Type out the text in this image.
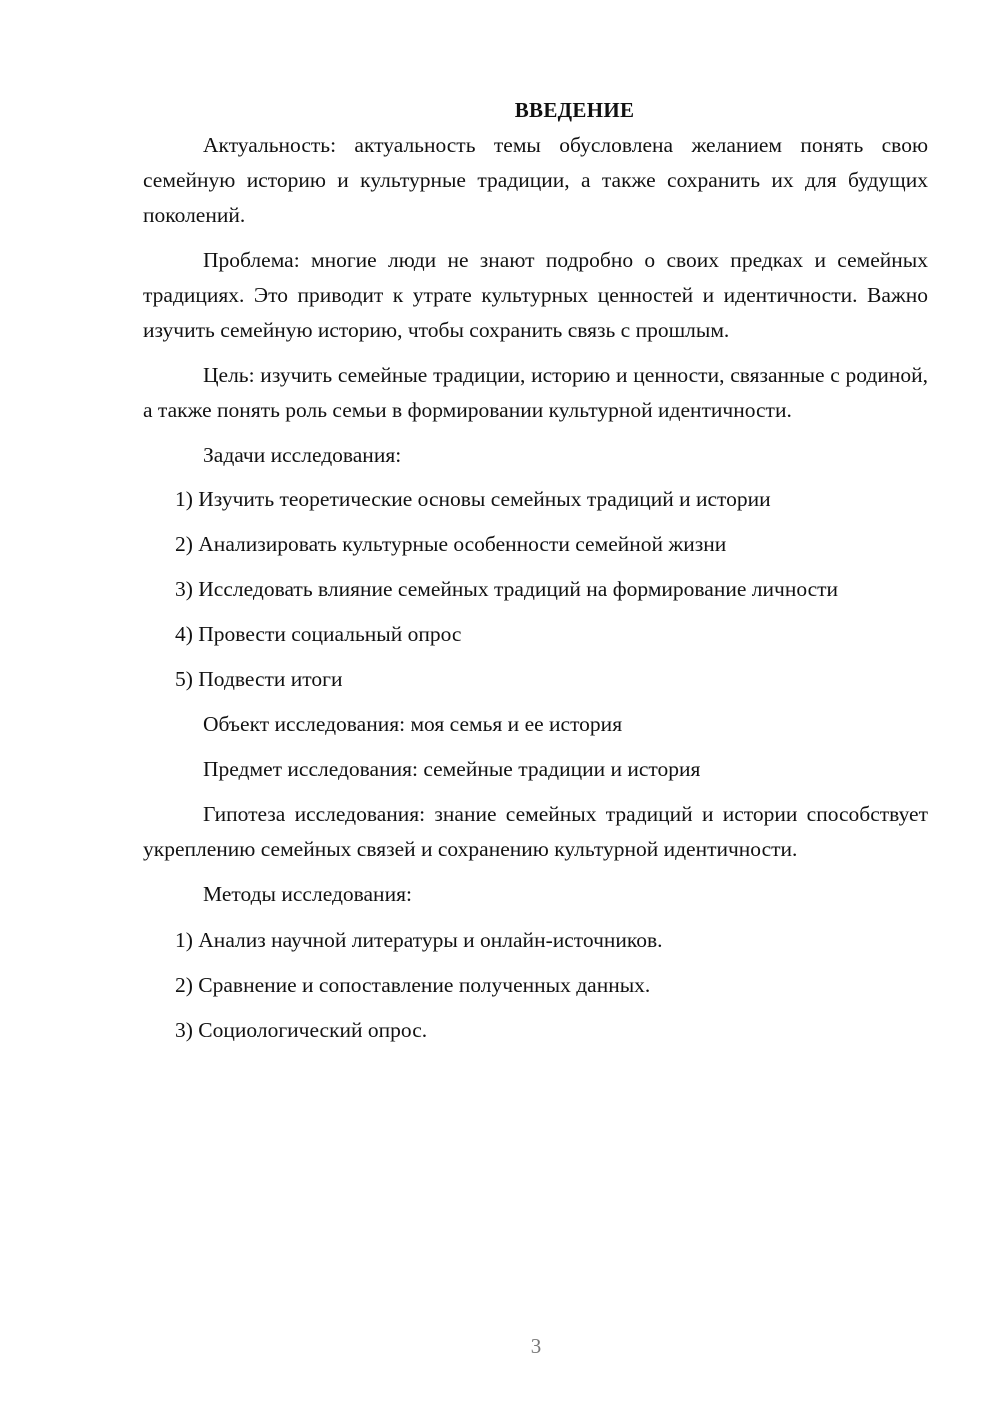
ВВЕДЕНИЕ

Актуальность: актуальность темы обусловлена желанием понять свою семейную историю и культурные традиции, а также сохранить их для будущих поколений.

Проблема: многие люди не знают подробно о своих предках и семейных традициях. Это приводит к утрате культурных ценностей и идентичности. Важно изучить семейную историю, чтобы сохранить связь с прошлым.

Цель: изучить семейные традиции, историю и ценности, связанные с родиной, а также понять роль семьи в формировании культурной идентичности.

Задачи исследования:

1) Изучить теоретические основы семейных традиций и истории

2) Анализировать культурные особенности семейной жизни

3) Исследовать влияние семейных традиций на формирование личности

4) Провести социальный опрос

5) Подвести итоги

Объект исследования: моя семья и ее история

Предмет исследования: семейные традиции и история

Гипотеза исследования: знание семейных традиций и истории способствует укреплению семейных связей и сохранению культурной идентичности.

Методы исследования:

1) Анализ научной литературы и онлайн-источников.

2) Сравнение и сопоставление полученных данных.

3) Социологический опрос.

3
